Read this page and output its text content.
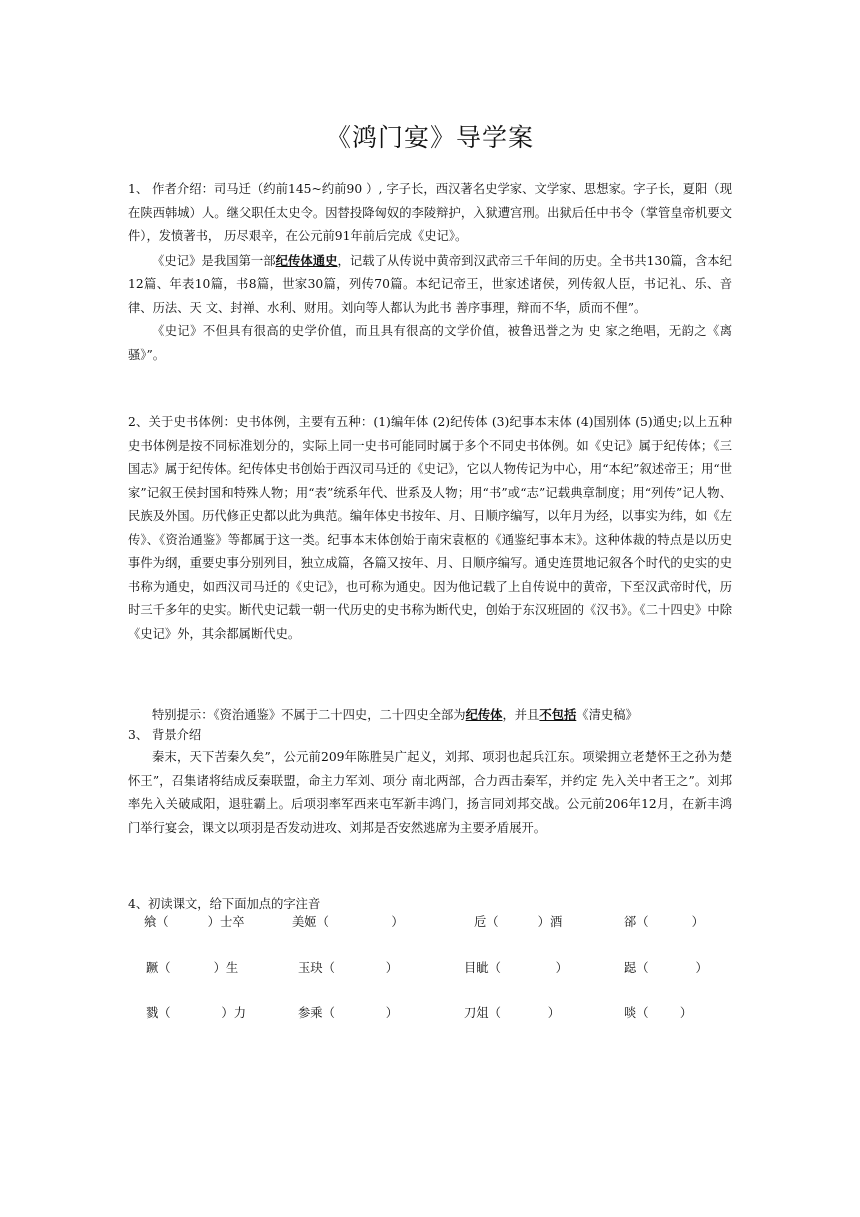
《鸿门宴》导学案
1、 作者介绍：司马迁（约前145~约前90 ）, 字子长，西汉著名史学家、文学家、思想家。字子长，夏阳（现在陕西韩城）人。继父职任太史令。因替投降匈奴的李陵辩护，入狱遭宫刑。出狱后任中书令（掌管皇帝机要文件），发愤著书， 历尽艰辛，在公元前91年前后完成《史记》。
《史记》是我国第一部纪传体通史，记载了从传说中黄帝到汉武帝三千年间的历史。全书共130篇，含本纪12篇、年表10篇，书8篇，世家30篇，列传70篇。本纪记帝王，世家述诸侯，列传叙人臣，书记礼、乐、音律、历法、天 文、封禅、水利、财用。刘向等人都认为此书 善序事理，辩而不华，质而不俚”。
《史记》不但具有很高的史学价值，而且具有很高的文学价值，被鲁迅誉之为 史 家之绝唱，无韵之《离骚》”。
2、关于史书体例：史书体例，主要有五种：(1)编年体 (2)纪传体 (3)纪事本末体 (4)国别体 (5)通史;以上五种史书体例是按不同标准划分的，实际上同一史书可能同时属于多个不同史书体例。如《史记》属于纪传体；《三国志》属于纪传体。纪传体史书创始于西汉司马迁的《史记》，它以人物传记为中心，用“本纪”叙述帝王；用“世家”记叙王侯封国和特殊人物；用“表”统系年代、世系及人物；用“书”或“志”记载典章制度；用“列传”记人物、民族及外国。历代修正史都以此为典范。编年体史书按年、月、日顺序编写，以年月为经，以事实为纬，如《左传》、《资治通鉴》等都属于这一类。纪事本末体创始于南宋袁枢的《通鉴纪事本末》。这种体裁的特点是以历史事件为纲，重要史事分别列目，独立成篇，各篇又按年、月、日顺序编写。通史连贯地记叙各个时代的史实的史书称为通史，如西汉司马迁的《史记》，也可称为通史。因为他记载了上自传说中的黄帝，下至汉武帝时代，历时三千多年的史实。断代史记载一朝一代历史的史书称为断代史，创始于东汉班固的《汉书》。《二十四史》中除《史记》外，其余都属断代史。
特别提示：《资治通鉴》不属于二十四史，二十四史全部为纪传体，并且不包括《清史稿》
3、 背景介绍
秦末，天下苦秦久矣”，公元前209年陈胜吴广起义，刘邦、项羽也起兵江东。项梁拥立老楚怀王之孙为楚怀王”，召集诸将结成反秦联盟，命主力军刘、项分 南北两部，合力西击秦军，并约定 先入关中者王之”。刘邦率先入关破咸阳，退驻霸上。后项羽率军西来屯军新丰鸿门，扬言同刘邦交战。公元前206年12月，在新丰鸿门举行宴会，课文以项羽是否发动进攻、刘邦是否安然逃席为主要矛盾展开。
4、初读课文，给下面加点的字注音
飨（          ）士卒	美姬（                ）	卮（          ）酒	郤（           ）
蹶（           ）生	玉玦（             ）	目眦（              ）	跽（            ）
戮（             ）力	参乘（             ）	刀俎（            ）	啖（        ）
